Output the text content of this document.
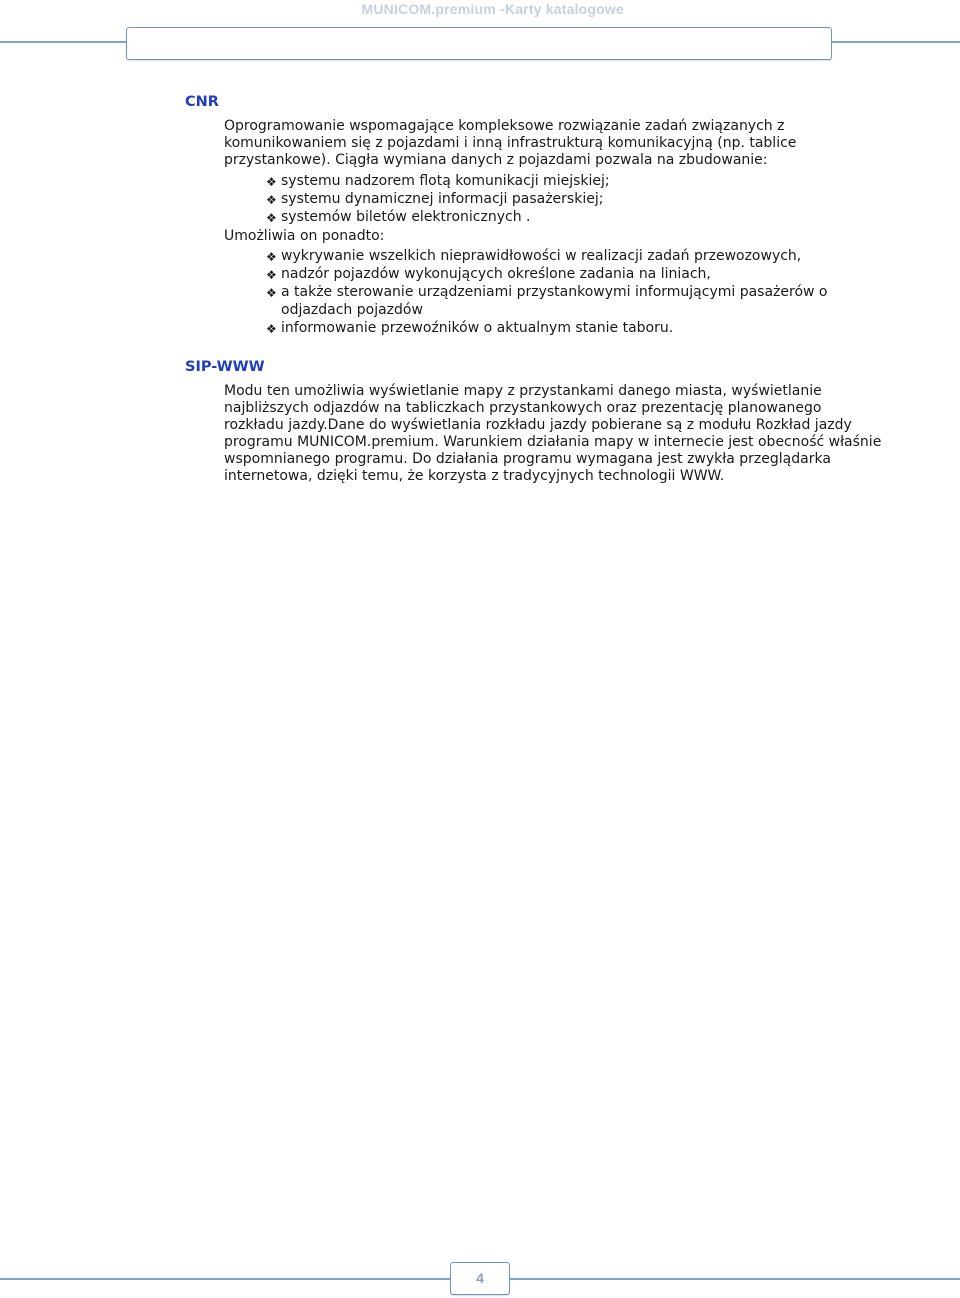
MUNICOM.premium -Karty katalogowe
CNR

Oprogramowanie wspomagające kompleksowe rozwiązanie zadań związanych z komunikowaniem się z pojazdami i inną infrastrukturą komunikacyjną (np. tablice przystankowe). Ciągła wymiana danych z pojazdami pozwala na zbudowanie:

❖ systemu nadzorem flotą komunikacji miejskiej;
❖ systemu dynamicznej informacji pasażerskiej;
❖ systemów biletów elektronicznych .

Umożliwia on ponadto:

❖ wykrywanie wszelkich nieprawidłowości w realizacji zadań przewozowych,
❖ nadzór pojazdów wykonujących określone zadania na liniach,
❖ a także sterowanie urządzeniami przystankowymi informującymi pasażerów o odjazdach pojazdów
❖ informowanie przewoźników o aktualnym stanie taboru.
SIP-WWW

Modu ten umożliwia wyświetlanie mapy z przystankami danego miasta, wyświetlanie najbliższych odjazdów na tabliczkach przystankowych oraz prezentację planowanego rozkładu jazdy.Dane do wyświetlania rozkładu jazdy pobierane są z modułu Rozkład jazdy programu MUNICOM.premium. Warunkiem działania mapy w internecie jest obecność właśnie wspomnianego programu. Do działania programu wymagana jest zwykła przeglądarka internetowa, dzięki temu, że korzysta z tradycyjnych technologii WWW.

4
